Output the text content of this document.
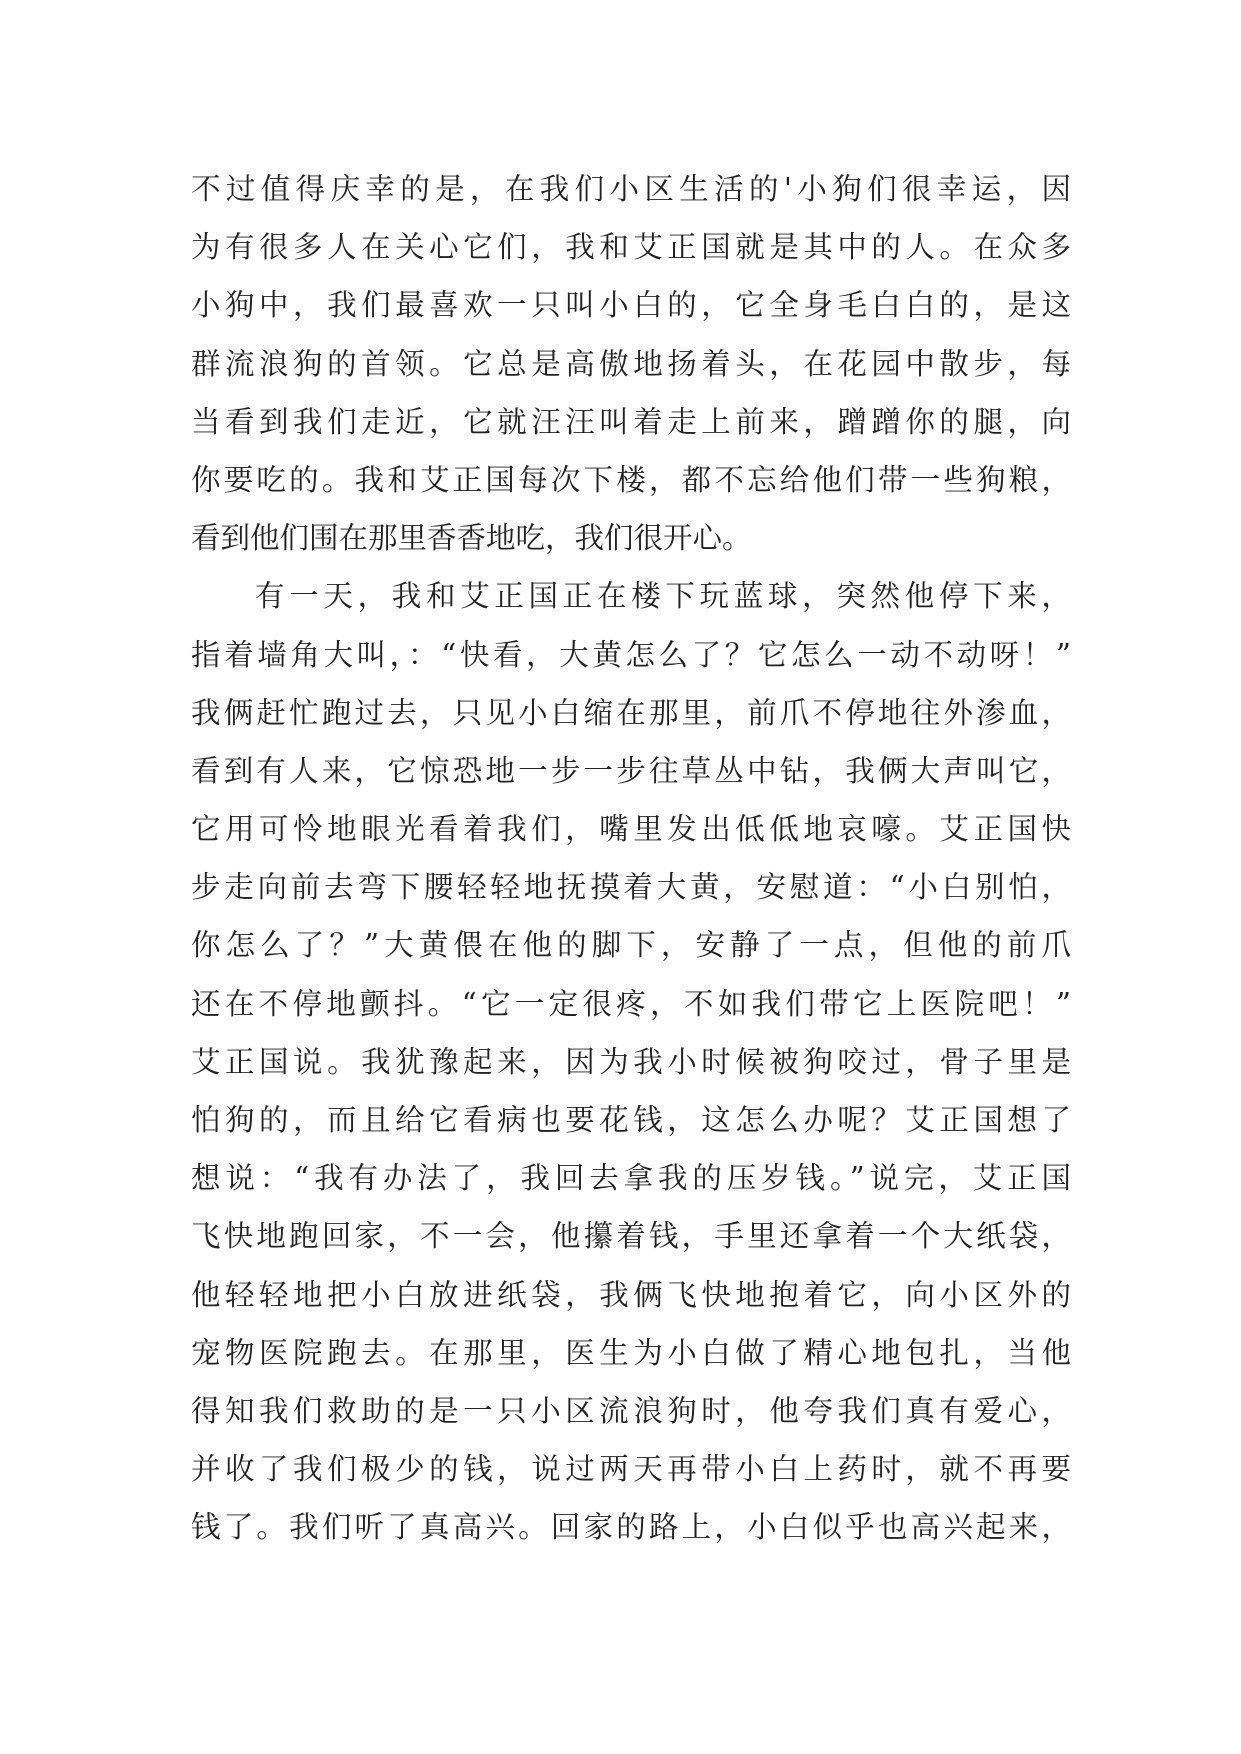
不过值得庆幸的是，在我们小区生活的'小狗们很幸运，因
为有很多人在关心它们，我和艾正国就是其中的人。在众多
小狗中，我们最喜欢一只叫小白的，它全身毛白白的，是这
群流浪狗的首领。它总是高傲地扬着头，在花园中散步，每
当看到我们走近，它就汪汪叫着走上前来，蹭蹭你的腿，向
你要吃的。我和艾正国每次下楼，都不忘给他们带一些狗粮，
看到他们围在那里香香地吃，我们很开心。
有一天，我和艾正国正在楼下玩蓝球，突然他停下来，
指着墙角大叫，：“快看，大黄怎么了？它怎么一动不动呀！”
我俩赶忙跑过去，只见小白缩在那里，前爪不停地往外渗血，
看到有人来，它惊恐地一步一步往草丛中钻，我俩大声叫它，
它用可怜地眼光看着我们，嘴里发出低低地哀嚎。艾正国快
步走向前去弯下腰轻轻地抚摸着大黄，安慰道：“小白别怕，
你怎么了？”大黄偎在他的脚下，安静了一点，但他的前爪
还在不停地颤抖。“它一定很疼，不如我们带它上医院吧！”
艾正国说。我犹豫起来，因为我小时候被狗咬过，骨子里是
怕狗的，而且给它看病也要花钱，这怎么办呢？艾正国想了
想说：“我有办法了，我回去拿我的压岁钱。”说完，艾正国
飞快地跑回家，不一会，他攥着钱，手里还拿着一个大纸袋，
他轻轻地把小白放进纸袋，我俩飞快地抱着它，向小区外的
宠物医院跑去。在那里，医生为小白做了精心地包扎，当他
得知我们救助的是一只小区流浪狗时，他夸我们真有爱心，
并收了我们极少的钱，说过两天再带小白上药时，就不再要
钱了。我们听了真高兴。回家的路上，小白似乎也高兴起来，
